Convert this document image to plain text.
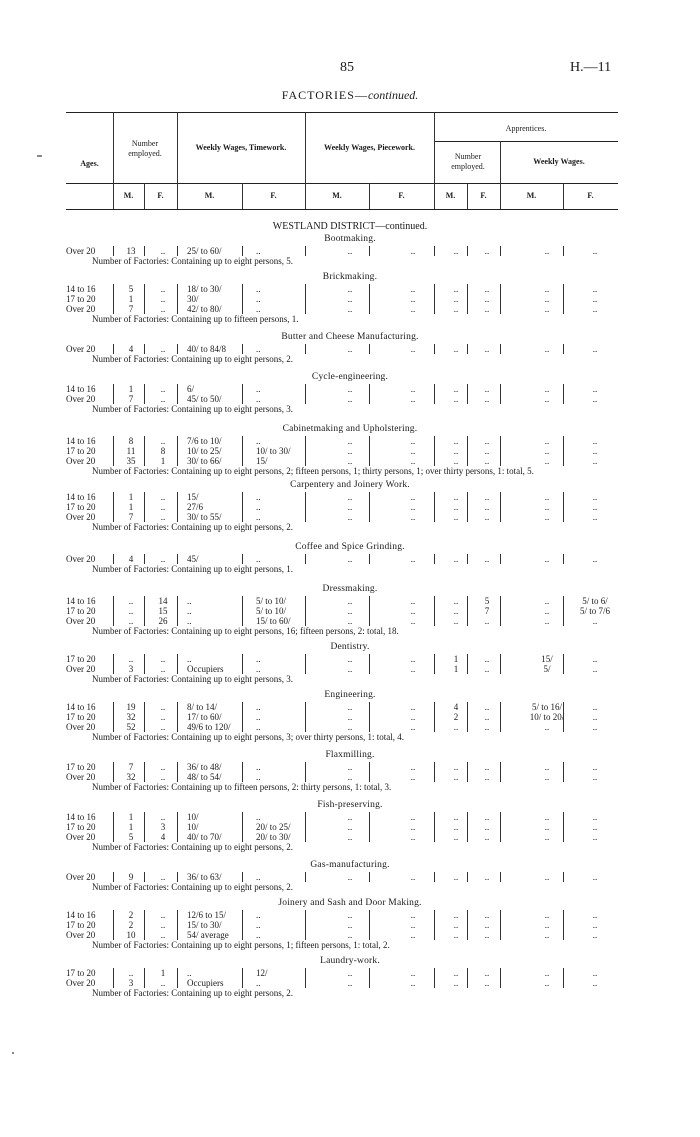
85	H.—11
FACTORIES—continued.
Ages.
Number employed.
Weekly Wages, Timework.	Weekly Wages, Piecework.
Apprentices.
Number employed.
Weekly Wages.
M.	F.	M.	F.	M.	F.	M.	F.	M.	F.
WESTLAND DISTRICT—continued.
Bootmaking.
Over 20	13	..	25/ to 60/	..	..	..	..	..	..	..
Number of Factories: Containing up to eight persons, 5.
Brickmaking.
14 to 16	5	..	18/ to 30/	..	..	..	..	..	..	..
17 to 20	1	..	30/	..	..	..	..	..	..	..
Over 20	7	..	42/ to 80/	..	..	..	..	..	..	..
Number of Factories: Containing up to fifteen persons, 1.
Butter and Cheese Manufacturing.
Over 20	4	..	40/ to 84/8	..	..	..	..	..	..	..
Number of Factories: Containing up to eight persons, 2.
Cycle-engineering.
14 to 16	1	..	6/	..	..	..	..	..	..	..
Over 20	7	..	45/ to 50/	..	..	..	..	..	..	..
Number of Factories: Containing up to eight persons, 3.
Cabinetmaking and Upholstering.
14 to 16	8	..	7/6 to 10/	..	..	..	..	..	..	..
17 to 20	11	8	10/ to 25/	10/ to 30/	..	..	..	..	..	..
Over 20	35	1	30/ to 66/	15/	..	..	..	..	..	..
Number of Factories: Containing up to eight persons, 2; fifteen persons, 1; thirty persons, 1; over thirty persons, 1: total, 5.
Carpentery and Joinery Work.
14 to 16	1	..	15/	..	..	..	..	..	..	..
17 to 20	1	..	27/6	..	..	..	..	..	..	..
Over 20	7	..	30/ to 55/	..	..	..	..	..	..	..
Number of Factories: Containing up to eight persons, 2.
Coffee and Spice Grinding.
Over 20	4	..	45/	..	..	..	..	..	..	..
Number of Factories: Containing up to eight persons, 1.
Dressmaking.
14 to 16	..	14	..	5/ to 10/	..	..	..	5	..	5/ to 6/
17 to 20	..	15	..	5/ to 10/	..	..	..	7	..	5/ to 7/6
Over 20	..	26	..	15/ to 60/	..	..	..	..	..	..
Number of Factories: Containing up to eight persons, 16; fifteen persons, 2: total, 18.
Dentistry.
17 to 20	..	..	..	..	..	..	1	..	15/	..
Over 20	3	..	Occupiers	..	..	..	1	..	5/	..
Number of Factories: Containing up to eight persons, 3.
Engineering.
14 to 16	19	..	8/ to 14/	..	..	..	4	..	5/ to 16/	..
17 to 20	32	..	17/ to 60/	..	..	..	2	..	10/ to 20/	..
Over 20	52	..	49/6 to 120/	..	..	..	..	..	..	..
Number of Factories: Containing up to eight persons, 3; over thirty persons, 1: total, 4.
Flaxmilling.
17 to 20	7	..	36/ to 48/	..	..	..	..	..	..	..
Over 20	32	..	48/ to 54/	..	..	..	..	..	..	..
Number of Factories: Containing up to fifteen persons, 2: thirty persons, 1: total, 3.
Fish-preserving.
14 to 16	1	..	10/	..	..	..	..	..	..	..
17 to 20	1	3	10/	20/ to 25/	..	..	..	..	..	..
Over 20	5	4	40/ to 70/	20/ to 30/	..	..	..	..	..	..
Number of Factories: Containing up to eight persons, 2.
Gas-manufacturing.
Over 20	9	..	36/ to 63/	..	..	..	..	..	..	..
Number of Factories: Containing up to eight persons, 2.
Joinery and Sash and Door Making.
14 to 16	2	..	12/6 to 15/	..	..	..	..	..	..	..
17 to 20	2	..	15/ to 30/	..	..	..	..	..	..	..
Over 20	10	..	54/ average	..	..	..	..	..	..	..
Number of Factories: Containing up to eight persons, 1; fifteen persons, 1: total, 2.
Laundry-work.
17 to 20	..	1	..	12/	..	..	..	..	..	..
Over 20	3	..	Occupiers	..	..	..	..	..	..	..
Number of Factories: Containing up to eight persons, 2.
